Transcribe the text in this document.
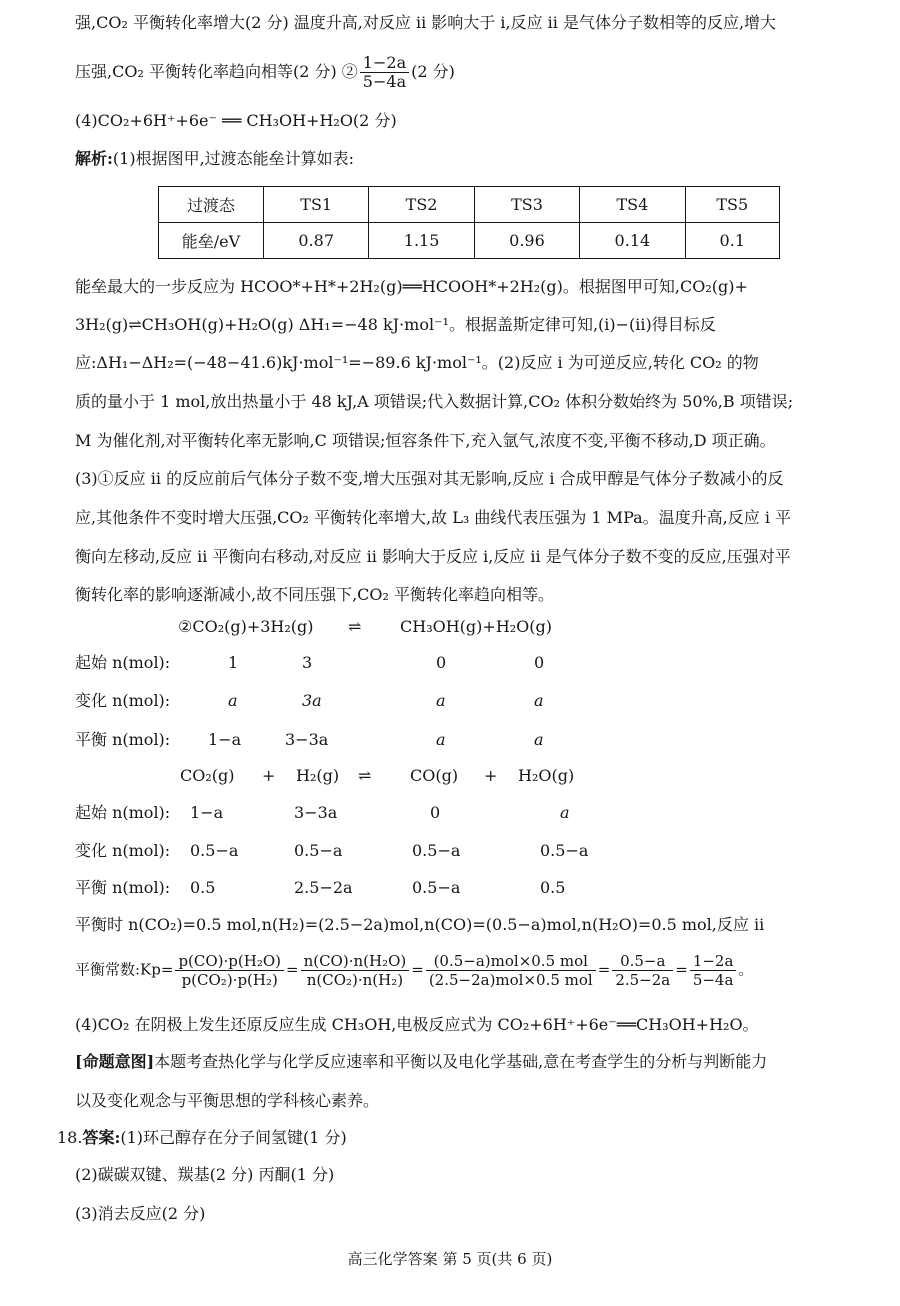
强,CO₂ 平衡转化率增大(2 分) 温度升高,对反应 ii 影响大于 i,反应 ii 是气体分子数相等的反应,增大
压强,CO₂ 平衡转化率趋向相等(2 分) ② $\frac{1-2a}{5-4a} (2$ 分)
(4)CO₂+6H⁺+6e⁻ ══ CH₃OH+H₂O(2 分)
解析:(1)根据图甲,过渡态能垒计算如表:
过渡态	TS1	TS2	TS3	TS4	TS5
能垒/eV	0.87	1.15	0.96	0.14	0.1
能垒最大的一步反应为 HCOO*+H*+2H₂(g)══HCOOH*+2H₂(g)。根据图甲可知,CO₂(g)+
3H₂(g)⇌CH₃OH(g)+H₂O(g) ΔH₁=−48 kJ·mol⁻¹。根据盖斯定律可知,(i)−(ii)得目标反
应:ΔH₁−ΔH₂=(−48−41.6)kJ·mol⁻¹=−89.6 kJ·mol⁻¹。(2)反应 i 为可逆反应,转化 CO₂ 的物
质的量小于 1 mol,放出热量小于 48 kJ,A 项错误;代入数据计算,CO₂ 体积分数始终为 50%,B 项错误;
M 为催化剂,对平衡转化率无影响,C 项错误;恒容条件下,充入氩气,浓度不变,平衡不移动,D 项正确。
(3)①反应 ii 的反应前后气体分子数不变,增大压强对其无影响,反应 i 合成甲醇是气体分子数减小的反
应,其他条件不变时增大压强,CO₂ 平衡转化率增大,故 L₃ 曲线代表压强为 1 MPa。温度升高,反应 i 平
衡向左移动,反应 ii 平衡向右移动,对反应 ii 影响大于反应 i,反应 ii 是气体分子数不变的反应,压强对平
衡转化率的影响逐渐减小,故不同压强下,CO₂ 平衡转化率趋向相等。
②CO₂(g)+3H₂(g) ⇌ CH₃OH(g)+H₂O(g)
起始 n(mol):	1	3	0	0
变化 n(mol):	a	3a	a	a
平衡 n(mol): 1−a	3−3a	a	a
CO₂(g) + H₂(g) ⇌ CO(g) + H₂O(g)
起始 n(mol): 1−a	3−3a	0	a
变化 n(mol): 0.5−a	0.5−a	0.5−a	0.5−a
平衡 n(mol): 0.5	2.5−2a	0.5−a	0.5
平衡时 n(CO₂)=0.5 mol,n(H₂)=(2.5−2a)mol,n(CO)=(0.5−a)mol,n(H₂O)=0.5 mol,反应 ii
平衡常数:Kp= $\frac{\text{p(CO)·p(H₂O)}}{\text{p(CO₂)·p(H₂)}} = \frac{\text{n(CO)·n(H₂O)}}{\text{n(CO₂)·n(H₂)}} = \frac{\text{(0.5−a)mol×0.5 mol}}{\text{(2.5−2a)mol×0.5 mol}} = \frac{0.5-a}{2.5-2a} = \frac{1-2a}{5-4a}$ 。
(4)CO₂ 在阴极上发生还原反应生成 CH₃OH,电极反应式为 CO₂+6H⁺+6e⁻══CH₃OH+H₂O。
[命题意图]本题考查热化学与化学反应速率和平衡以及电化学基础,意在考查学生的分析与判断能力
以及变化观念与平衡思想的学科核心素养。
18.答案:(1)环己醇存在分子间氢键(1 分)
(2)碳碳双键、羰基(2 分) 丙酮(1 分)
(3)消去反应(2 分)
高三化学答案 第 5 页(共 6 页)
